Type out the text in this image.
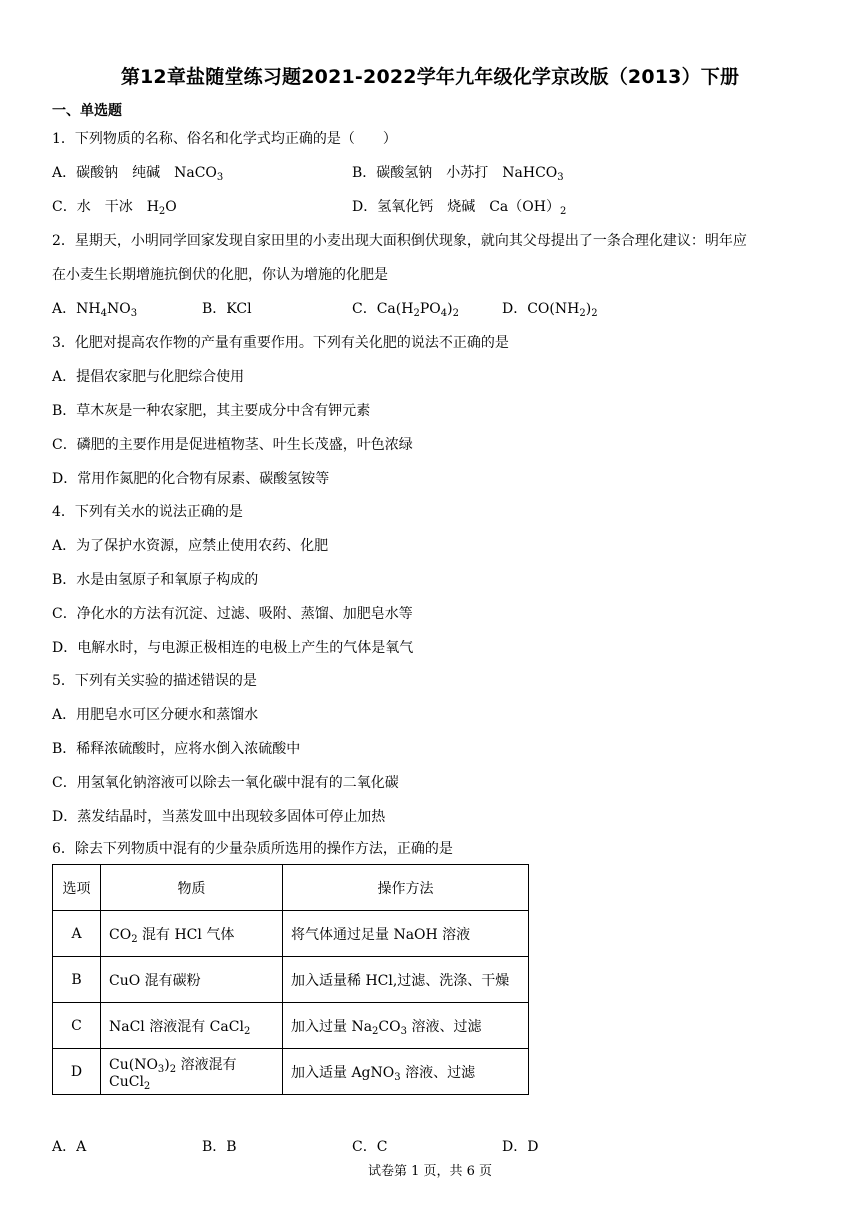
第12章盐随堂练习题2021-2022学年九年级化学京改版（2013）下册
一、单选题
1．下列物质的名称、俗名和化学式均正确的是（　　）
A．碳酸钠　纯碱　NaCO$_3$	B．碳酸氢钠　小苏打　NaHCO$_3$
C．水　干冰　$H_2O$	D．氢氧化钙　烧碱　$Ca(OH)_2$
2．星期天，小明同学回家发现自家田里的小麦出现大面积倒伏现象，就向其父母提出了一条合理化建议：明年应
在小麦生长期增施抗倒伏的化肥，你认为增施的化肥是
A．$NH_4NO_3$	B．KCl	C．$Ca(H_2PO_4)_2$	D．$CO(NH_2)_2$
3．化肥对提高农作物的产量有重要作用。下列有关化肥的说法不正确的是
A．提倡农家肥与化肥综合使用
B．草木灰是一种农家肥，其主要成分中含有钾元素
C．磷肥的主要作用是促进植物茎、叶生长茂盛，叶色浓绿
D．常用作氮肥的化合物有尿素、碳酸氢铵等
4．下列有关水的说法正确的是
A．为了保护水资源，应禁止使用农药、化肥
B．水是由氢原子和氧原子构成的
C．净化水的方法有沉淀、过滤、吸附、蒸馏、加肥皂水等
D．电解水时，与电源正极相连的电极上产生的气体是氧气
5．下列有关实验的描述错误的是
A．用肥皂水可区分硬水和蒸馏水
B．稀释浓硫酸时，应将水倒入浓硫酸中
C．用氢氧化钠溶液可以除去一氧化碳中混有的二氧化碳
D．蒸发结晶时，当蒸发皿中出现较多固体可停止加热
6．除去下列物质中混有的少量杂质所选用的操作方法，正确的是
选项	物质	操作方法
A	$CO_2$ 混有 HCl 气体	将气体通过足量 NaOH 溶液
B	CuO 混有碳粉	加入适量稀 HCl,过滤、洗涤、干燥
C	NaCl 溶液混有 CaCl$_2$	加入过量 $Na_2CO_3$ 溶液、过滤
D	$Cu(NO_3)_2$ 溶液混有 CuCl$_2$	加入适量 AgNO$_3$ 溶液、过滤
A．A	B．B	C．C	D．D
试卷第 1 页，共 6 页
